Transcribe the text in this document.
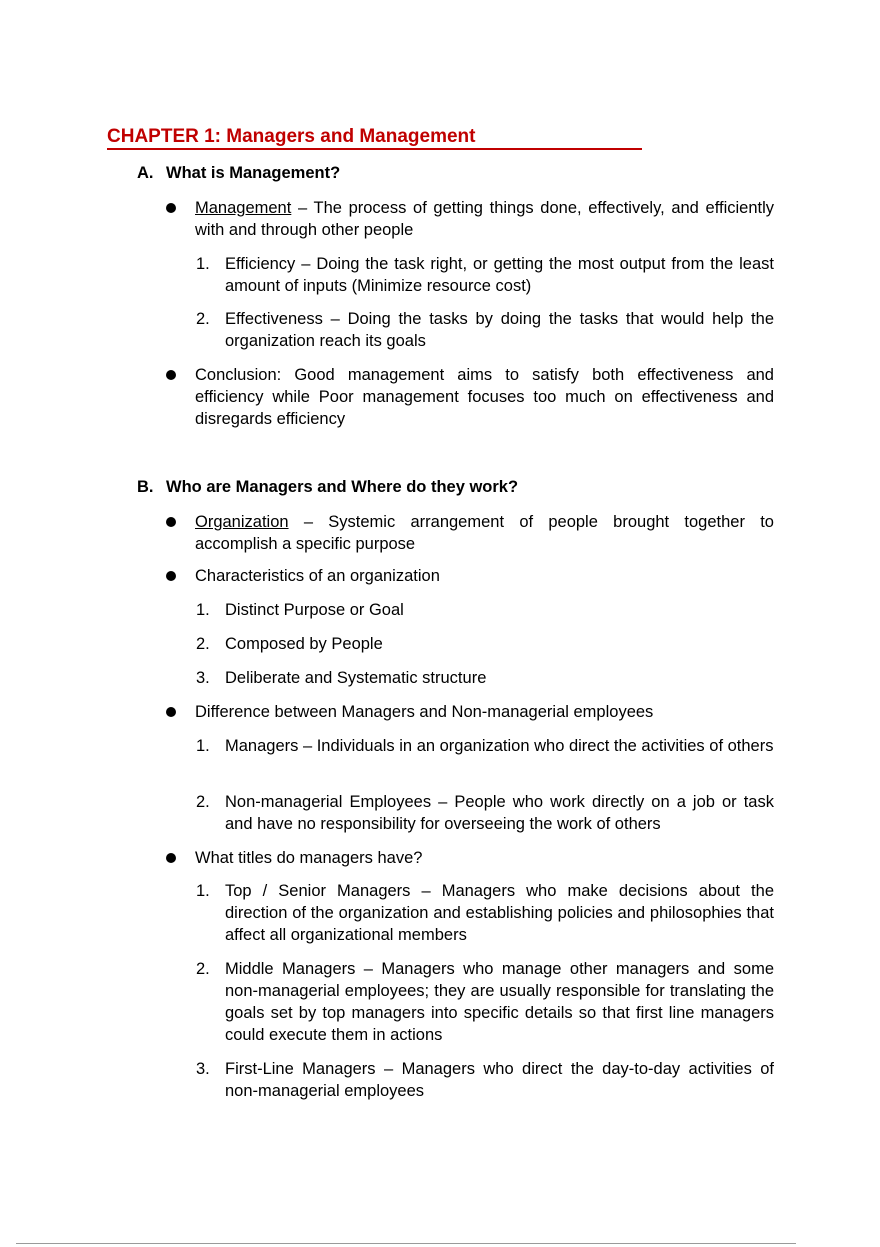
CHAPTER 1: Managers and Management
A. What is Management?
Management – The process of getting things done, effectively, and efficiently with and through other people
1. Efficiency – Doing the task right, or getting the most output from the least amount of inputs (Minimize resource cost)
2. Effectiveness – Doing the tasks by doing the tasks that would help the organization reach its goals
Conclusion: Good management aims to satisfy both effectiveness and efficiency while Poor management focuses too much on effectiveness and disregards efficiency
B. Who are Managers and Where do they work?
Organization – Systemic arrangement of people brought together to accomplish a specific purpose
Characteristics of an organization
1. Distinct Purpose or Goal
2. Composed by People
3. Deliberate and Systematic structure
Difference between Managers and Non-managerial employees
1. Managers – Individuals in an organization who direct the activities of others
2. Non-managerial Employees – People who work directly on a job or task and have no responsibility for overseeing the work of others
What titles do managers have?
1. Top / Senior Managers – Managers who make decisions about the direction of the organization and establishing policies and philosophies that affect all organizational members
2. Middle Managers – Managers who manage other managers and some non-managerial employees; they are usually responsible for translating the goals set by top managers into specific details so that first line managers could execute them in actions
3. First-Line Managers – Managers who direct the day-to-day activities of non-managerial employees
